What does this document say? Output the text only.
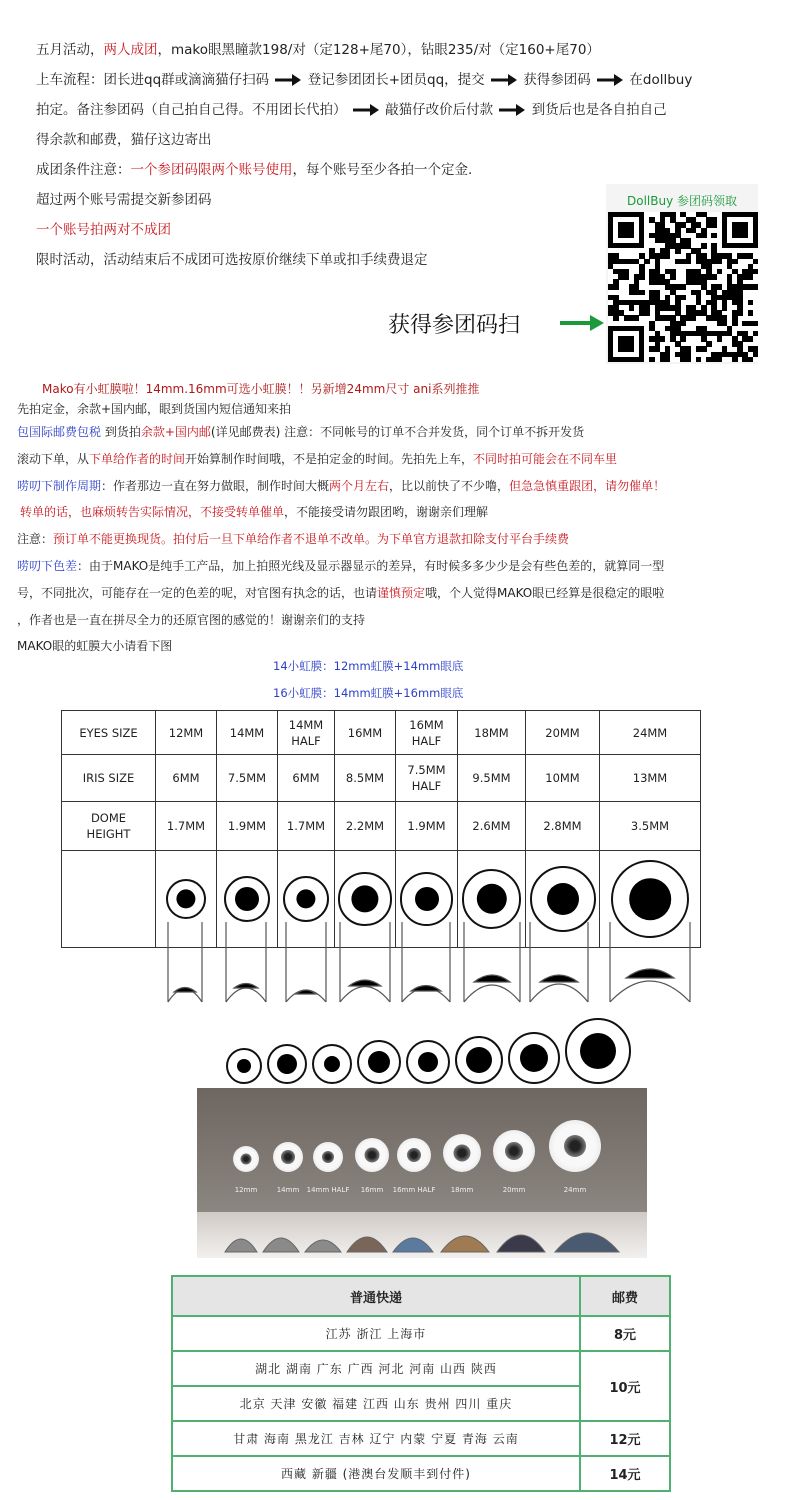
五月活动，两人成团，mako眼黑瞳款198/对（定128+尾70），钻眼235/对（定160+尾70）
上车流程：团长进qq群或滴滴猫仔扫码	登记参团团长+团员qq，提交	获得参团码	在dollbuy
拍定。备注参团码（自己拍自己得。不用团长代拍）	敲猫仔改价后付款	到货后也是各自拍自己
得余款和邮费，猫仔这边寄出
成团条件注意：一个参团码限两个账号使用，每个账号至少各拍一个定金.
超过两个账号需提交新参团码
一个账号拍两对不成团
限时活动，活动结束后不成团可选按原价继续下单或扣手续费退定
DollBuy 参团码领取
获得参团码扫
Mako有小虹膜啦！14mm.16mm可选小虹膜！！另新增24mm尺寸 ani系列推推
先拍定金，余款+国内邮，眼到货国内短信通知来拍
包国际邮费包税 到货拍余款+国内邮(详见邮费表) 注意：不同帐号的订单不合并发货，同个订单不拆开发货
滚动下单，从下单给作者的时间开始算制作时间哦，不是拍定金的时间。先拍先上车，不同时拍可能会在不同车里
唠叨下制作周期：作者那边一直在努力做眼，制作时间大概两个月左右，比以前快了不少噜，但急急慎重跟团，请勿催单！
转单的话，也麻烦转告实际情况，不接受转单催单，不能接受请勿跟团哟，谢谢亲们理解
注意：预订单不能更换现货。拍付后一旦下单给作者不退单不改单。为下单官方退款扣除支付平台手续费
唠叨下色差：由于MAKO是纯手工产品，加上拍照光线及显示器显示的差异，有时候多多少少是会有些色差的，就算同一型
号，不同批次，可能存在一定的色差的呢，对官图有执念的话，也请谨慎预定哦，个人觉得MAKO眼已经算是很稳定的眼啦
，作者也是一直在拼尽全力的还原官图的感觉的！谢谢亲们的支持
MAKO眼的虹膜大小请看下图
14小虹膜：12mm虹膜+14mm眼底
16小虹膜：14mm虹膜+16mm眼底
EYES SIZE	12MM	14MM	14MM HALF	16MM	16MM HALF	18MM	20MM	24MM
IRIS SIZE	6MM	7.5MM	6MM	8.5MM	7.5MM HALF	9.5MM	10MM	13MM
DOME HEIGHT	1.7MM	1.9MM	1.7MM	2.2MM	1.9MM	2.6MM	2.8MM	3.5MM

12mm	14mm	14mm HALF	16mm	16mm HALF	18mm	20mm	24mm
普通快递	邮费
江苏 浙江 上海市	8元
湖北 湖南 广东 广西 河北 河南 山西 陕西	10元
北京 天津 安徽 福建 江西 山东 贵州 四川 重庆	
甘肃 海南 黑龙江 吉林 辽宁 内蒙 宁夏 青海 云南	12元
西藏 新疆 (港澳台发顺丰到付件)	14元
